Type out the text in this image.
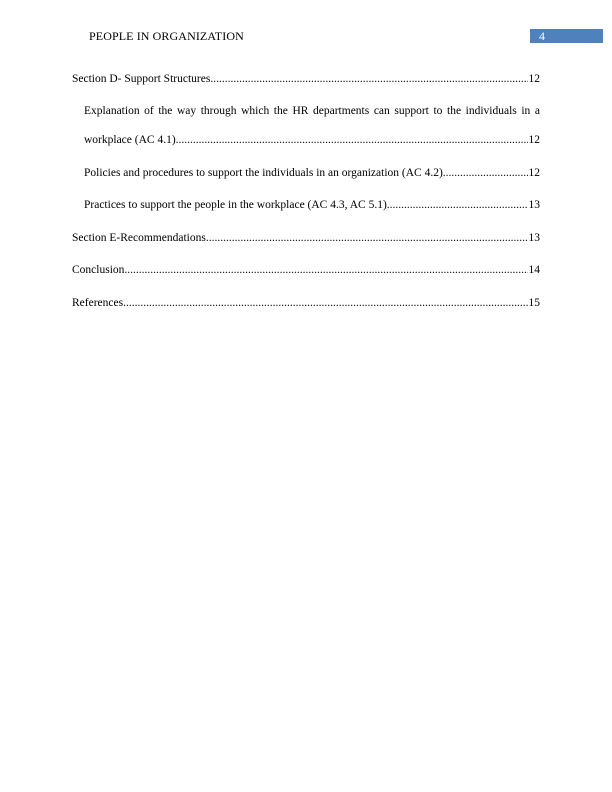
PEOPLE IN ORGANIZATION	4
Section D- Support Structures .....	12
Explanation of the way through which the HR departments can support to the individuals in a
workplace (AC 4.1) .....	12
Policies and procedures to support the individuals in an organization (AC 4.2) .....	12
Practices to support the people in the workplace (AC 4.3, AC 5.1) .....	13
Section E-Recommendations .....	13
Conclusion .....	14
References .....	15
